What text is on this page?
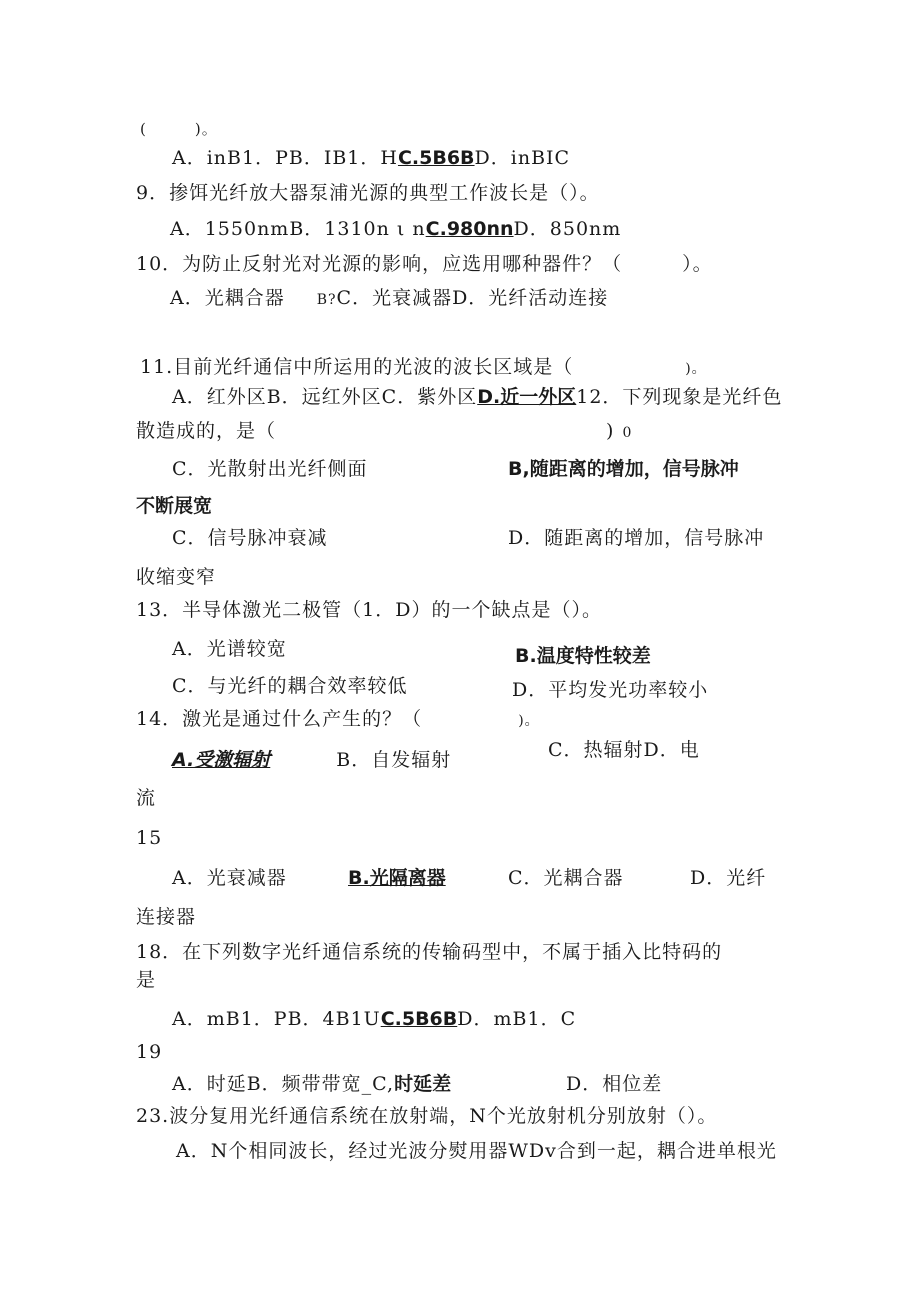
(　　　)。
A．inB1．PB．IB1．HC.5B6BD．inBIC
9．掺饵光纤放大器泵浦光源的典型工作波长是（）。
A．1550nmB．1310n ι nC.980nnD．850nm
10．为防止反射光对光源的影响，应选用哪种器件？（　　　）。
A．光耦合器 B?C．光衰减器D．光纤活动连接
11.目前光纤通信中所运用的光波的波长区域是（	)。
A．红外区B．远红外区C．紫外区D.近一外区12．下列现象是光纤色
散造成的，是（	) 0
C．光散射出光纤侧面	B,随距离的增加，信号脉冲
不断展宽
C．信号脉冲衰减	D．随距离的增加，信号脉冲
收缩变窄
13．半导体激光二极管（1．D）的一个缺点是（）。
A．光谱较宽	B.温度特性较差
C．与光纤的耦合效率较低	D．平均发光功率较小
14．激光是通过什么产生的？（	)。
A.受激辐射	B．自发辐射	C．热辐射D．电
流
15
A．光衰减器	B.光隔离器	C．光耦合器	D．光纤
连接器
18．在下列数字光纤通信系统的传输码型中，不属于插入比特码的
是
A．mB1．PB．4B1UC.5B6BD．mB1．C
19
A．时延B．频带带宽_C,时延差	D．相位差
23.波分复用光纤通信系统在放射端，N个光放射机分别放射（）。
A．N个相同波长，经过光波分熨用器WDv合到一起，耦合进单根光
